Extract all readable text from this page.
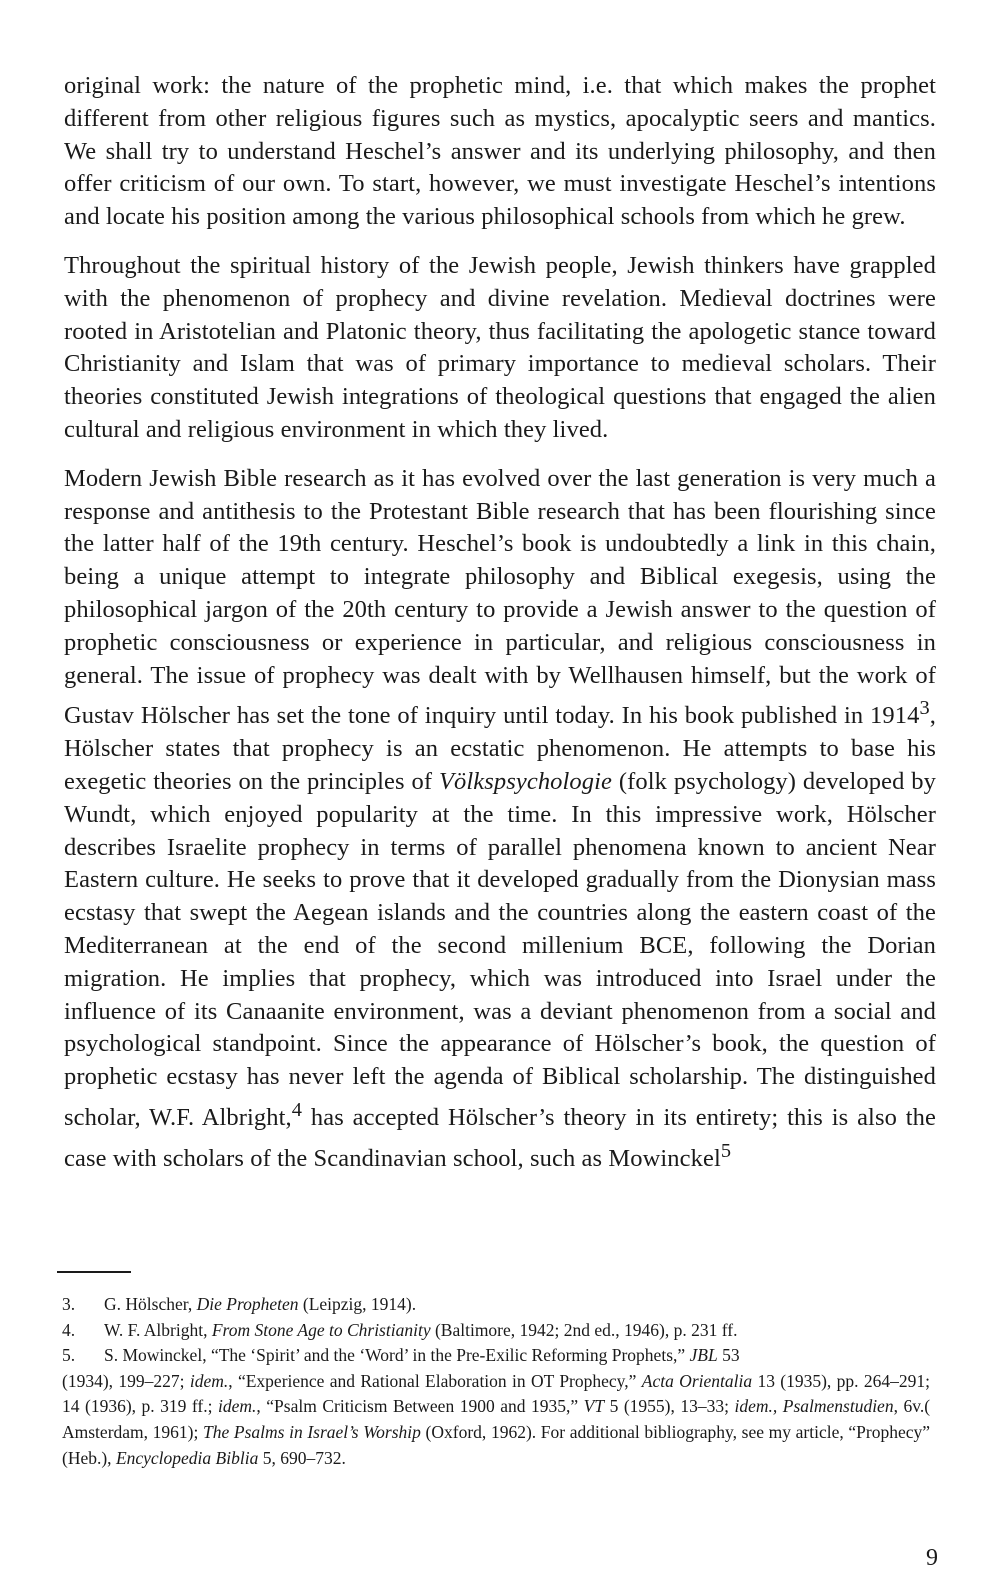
original work: the nature of the prophetic mind, i.e. that which makes the prophet different from other religious figures such as mystics, apocalyptic seers and mantics. We shall try to understand Heschel’s answer and its underlying philosophy, and then offer criticism of our own. To start, however, we must investigate Heschel’s intentions and locate his position among the various philosophical schools from which he grew.

Throughout the spiritual history of the Jewish people, Jewish thinkers have grappled with the phenomenon of prophecy and divine revelation. Medieval doctrines were rooted in Aristotelian and Platonic theory, thus facilitating the apologetic stance toward Christianity and Islam that was of primary importance to medieval scholars. Their theories constituted Jewish integrations of theological questions that engaged the alien cultural and religious environment in which they lived.

Modern Jewish Bible research as it has evolved over the last generation is very much a response and antithesis to the Protestant Bible research that has been flourishing since the latter half of the 19th century. Heschel’s book is undoubtedly a link in this chain, being a unique attempt to integrate philosophy and Biblical exegesis, using the philosophical jargon of the 20th century to provide a Jewish answer to the question of prophetic consciousness or experience in particular, and religious consciousness in general. The issue of prophecy was dealt with by Wellhausen himself, but the work of Gustav Hölscher has set the tone of inquiry until today. In his book published in 1914$^3$, Hölscher states that prophecy is an ecstatic phenomenon. He attempts to base his exegetic theories on the principles of Völkspsychologie (folk psychology) developed by Wundt, which enjoyed popularity at the time. In this impressive work, Hölscher describes Israelite prophecy in terms of parallel phenomena known to ancient Near Eastern culture. He seeks to prove that it developed gradually from the Dionysian mass ecstasy that swept the Aegean islands and the countries along the eastern coast of the Mediterranean at the end of the second millenium BCE, following the Dorian migration. He implies that prophecy, which was introduced into Israel under the influence of its Canaanite environment, was a deviant phenomenon from a social and psychological standpoint. Since the appearance of Hölscher’s book, the question of prophetic ecstasy has never left the agenda of Biblical scholarship. The distinguished scholar, W.F. Albright,$^4$ has accepted Hölscher’s theory in its entirety; this is also the case with scholars of the Scandinavian school, such as Mowinckel$^5$

3.	G. Hölscher, Die Propheten (Leipzig, 1914).

4.	W. F. Albright, From Stone Age to Christianity (Baltimore, 1942; 2nd ed., 1946), p. 231 ff.

5.	S. Mowinckel, “The ‘Spirit’ and the ‘Word’ in the Pre-Exilic Reforming Prophets,” JBL 53

(1934), 199–227; idem., “Experience and Rational Elaboration in OT Prophecy,” Acta Orientalia 13 (1935), pp. 264–291; 14 (1936), p. 319 ff.; idem., “Psalm Criticism Between 1900 and 1935,” VT 5 (1955), 13–33; idem., Psalmenstudien, 6v.( Amsterdam, 1961); The Psalms in Israel’s Worship (Oxford, 1962). For additional bibliography, see my article, “Prophecy” (Heb.), Encyclopedia Biblia 5, 690–732.

9
